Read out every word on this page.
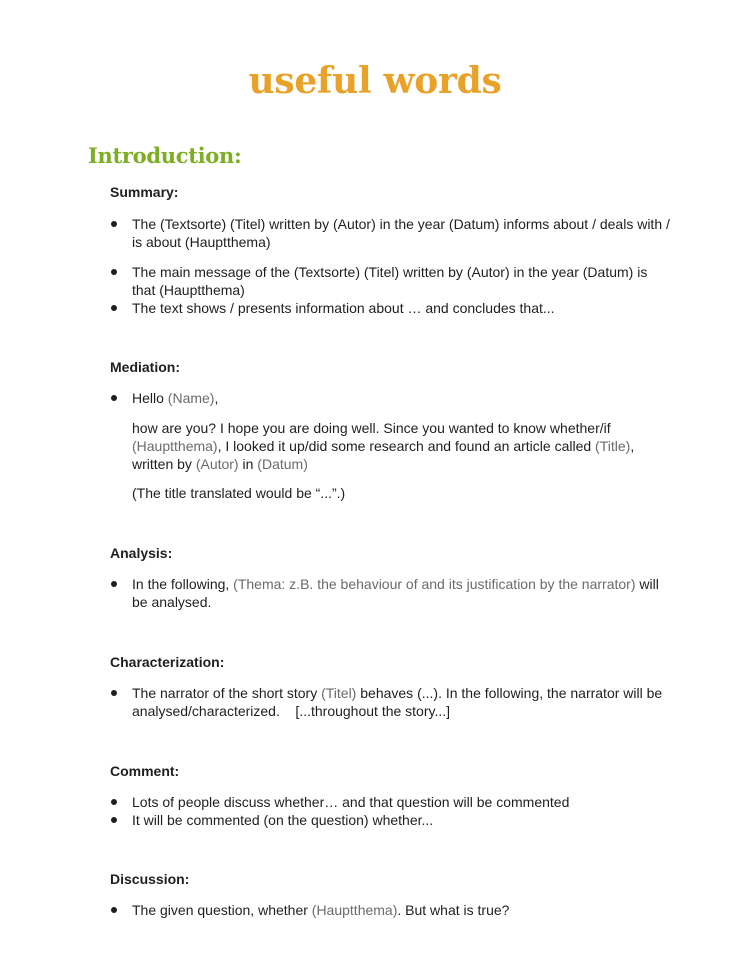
useful words
Introduction:

Summary:

The (Textsorte) (Titel) written by (Autor) in the year (Datum) informs about / deals with / is about (Hauptthema)
The main message of the (Textsorte) (Titel) written by (Autor) in the year (Datum) is that (Hauptthema)
The text shows / presents information about … and concludes that...

Mediation:

Hello (Name),

how are you? I hope you are doing well. Since you wanted to know whether/if (Hauptthema), I looked it up/did some research and found an article called (Title), written by (Autor) in (Datum)

(The title translated would be “...”.)

Analysis:

In the following, (Thema: z.B. the behaviour of and its justification by the narrator) will be analysed.

Characterization:

The narrator of the short story (Titel) behaves (...). In the following, the narrator will be analysed/characterized.    [...throughout the story...]

Comment:

Lots of people discuss whether… and that question will be commented
It will be commented (on the question) whether...

Discussion:

The given question, whether (Hauptthema). But what is true?
